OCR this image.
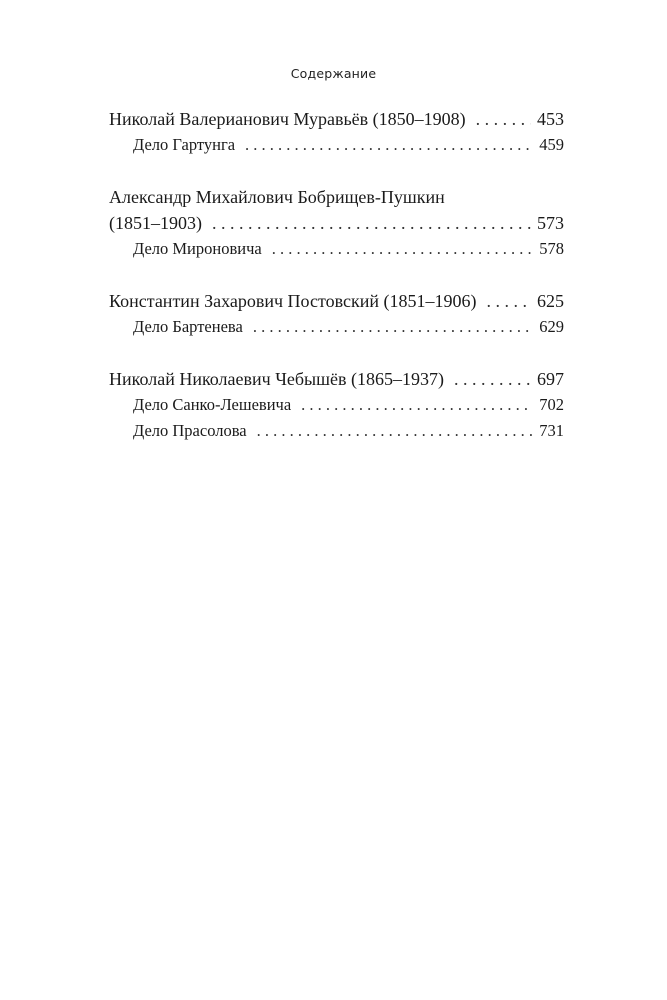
Содержание
Николай Валерианович Муравьёв (1850–1908) . . .	453
Дело Гартунга . . .	459
Александр Михайлович Бобрищев-Пушкин
(1851–1903) . . .	573
Дело Мироновича . . .	578
Константин Захарович Постовский (1851–1906) . . .	625
Дело Бартенева . . .	629
Николай Николаевич Чебышёв (1865–1937) . . .	697
Дело Санко-Лешевича . . .	702
Дело Прасолова . . .	731
